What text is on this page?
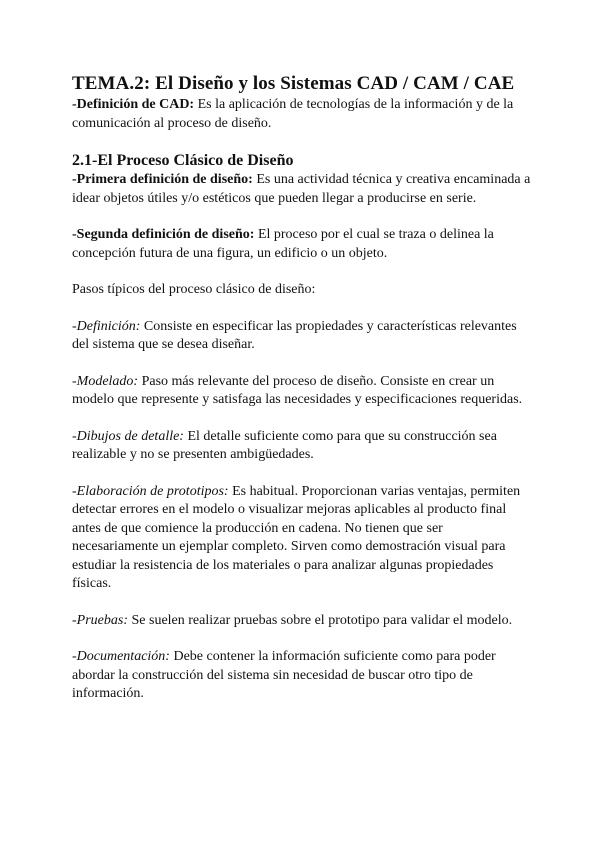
TEMA.2: El Diseño y los Sistemas CAD / CAM / CAE

-Definición de CAD: Es la aplicación de tecnologías de la información y de la comunicación al proceso de diseño.

2.1-El Proceso Clásico de Diseño

-Primera definición de diseño: Es una actividad técnica y creativa encaminada a idear objetos útiles y/o estéticos que pueden llegar a producirse en serie.

-Segunda definición de diseño: El proceso por el cual se traza o delinea la concepción futura de una figura, un edificio o un objeto.

Pasos típicos del proceso clásico de diseño:

-Definición: Consiste en especificar las propiedades y características relevantes del sistema que se desea diseñar.

-Modelado: Paso más relevante del proceso de diseño. Consiste en crear un modelo que represente y satisfaga las necesidades y especificaciones requeridas.

-Dibujos de detalle: El detalle suficiente como para que su construcción sea realizable y no se presenten ambigüedades.

-Elaboración de prototipos: Es habitual. Proporcionan varias ventajas, permiten detectar errores en el modelo o visualizar mejoras aplicables al producto final antes de que comience la producción en cadena. No tienen que ser necesariamente un ejemplar completo. Sirven como demostración visual para estudiar la resistencia de los materiales o para analizar algunas propiedades físicas.

-Pruebas: Se suelen realizar pruebas sobre el prototipo para validar el modelo.

-Documentación: Debe contener la información suficiente como para poder abordar la construcción del sistema sin necesidad de buscar otro tipo de información.
